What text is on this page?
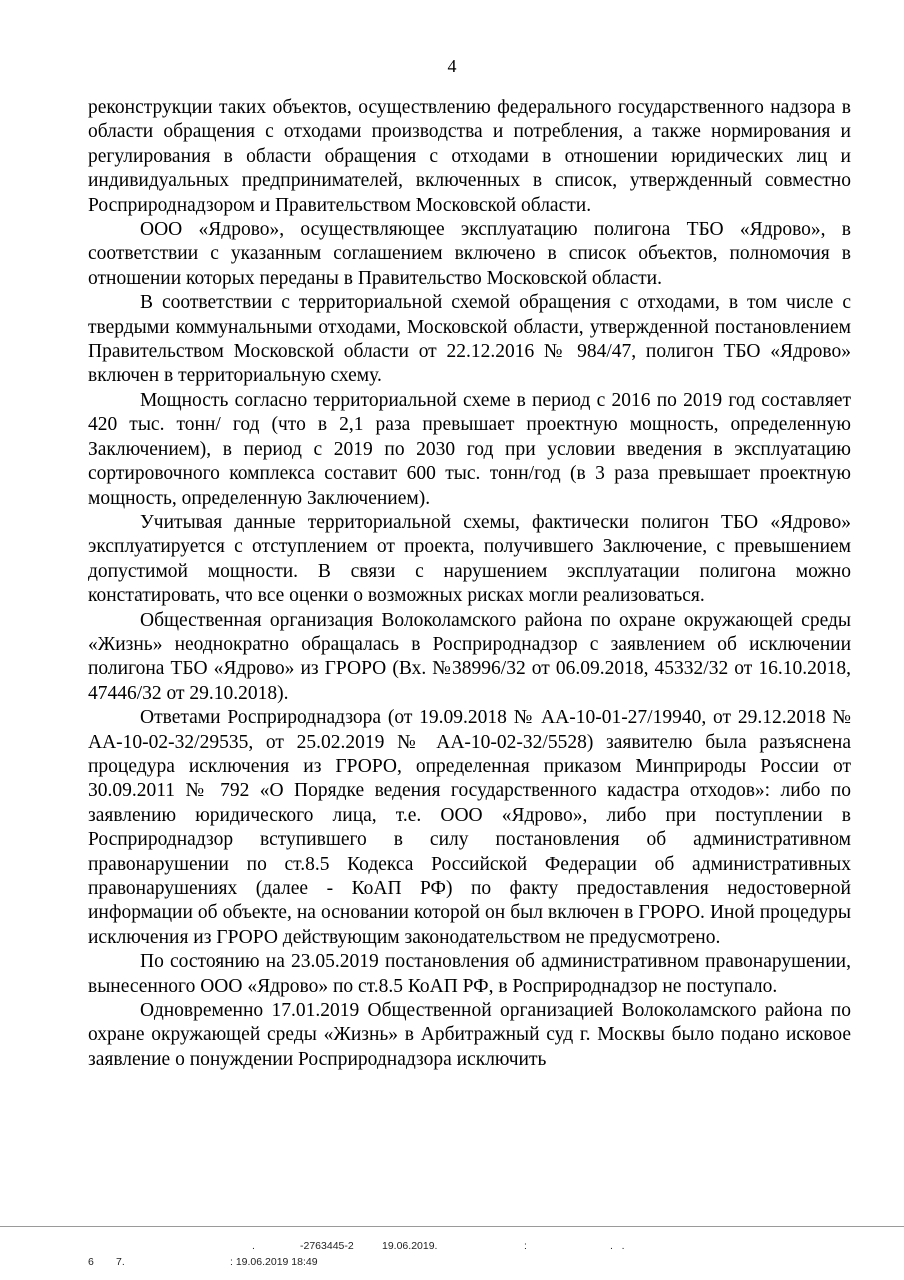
4

реконструкции таких объектов, осуществлению федерального государственного надзора в области обращения с отходами производства и потребления, а также нормирования и регулирования в области обращения с отходами в отношении юридических лиц и индивидуальных предпринимателей, включенных в список, утвержденный совместно Росприроднадзором и Правительством Московской области.

ООО «Ядрово», осуществляющее эксплуатацию полигона ТБО «Ядрово», в соответствии с указанным соглашением включено в список объектов, полномочия в отношении которых переданы в Правительство Московской области.

В соответствии с территориальной схемой обращения с отходами, в том числе с твердыми коммунальными отходами, Московской области, утвержденной постановлением Правительством Московской области от 22.12.2016 № 984/47, полигон ТБО «Ядрово» включен в территориальную схему.

Мощность согласно территориальной схеме в период с 2016 по 2019 год составляет 420 тыс. тонн/ год (что в 2,1 раза превышает проектную мощность, определенную Заключением), в период с 2019 по 2030 год при условии введения в эксплуатацию сортировочного комплекса составит 600 тыс. тонн/год (в 3 раза превышает проектную мощность, определенную Заключением).

Учитывая данные территориальной схемы, фактически полигон ТБО «Ядрово» эксплуатируется с отступлением от проекта, получившего Заключение, с превышением допустимой мощности. В связи с нарушением эксплуатации полигона можно констатировать, что все оценки о возможных рисках могли реализоваться.

Общественная организация Волоколамского района по охране окружающей среды «Жизнь» неоднократно обращалась в Росприроднадзор с заявлением об исключении полигона ТБО «Ядрово» из ГРОРО (Вх. №38996/32 от 06.09.2018, 45332/32 от 16.10.2018, 47446/32 от 29.10.2018).

Ответами Росприроднадзора (от 19.09.2018 № АА-10-01-27/19940, от 29.12.2018 № АА-10-02-32/29535, от 25.02.2019 № АА-10-02-32/5528) заявителю была разъяснена процедура исключения из ГРОРО, определенная приказом Минприроды России от 30.09.2011 № 792 «О Порядке ведения государственного кадастра отходов»: либо по заявлению юридического лица, т.е. ООО «Ядрово», либо при поступлении в Росприроднадзор вступившего в силу постановления об административном правонарушении по ст.8.5 Кодекса Российской Федерации об административных правонарушениях (далее - КоАП РФ) по факту предоставления недостоверной информации об объекте, на основании которой он был включен в ГРОРО. Иной процедуры исключения из ГРОРО действующим законодательством не предусмотрено.

По состоянию на 23.05.2019 постановления об административном правонарушении, вынесенного ООО «Ядрово» по ст.8.5 КоАП РФ, в Росприроднадзор не поступало.

Одновременно 17.01.2019 Общественной организацией Волоколамского района по охране окружающей среды «Жизнь» в Арбитражный суд г. Москвы было подано исковое заявление о понуждении Росприроднадзора исключить

.	-2763445-2	19.06.2019.	:	.   .
6 7.	: 19.06.2019 18:49
